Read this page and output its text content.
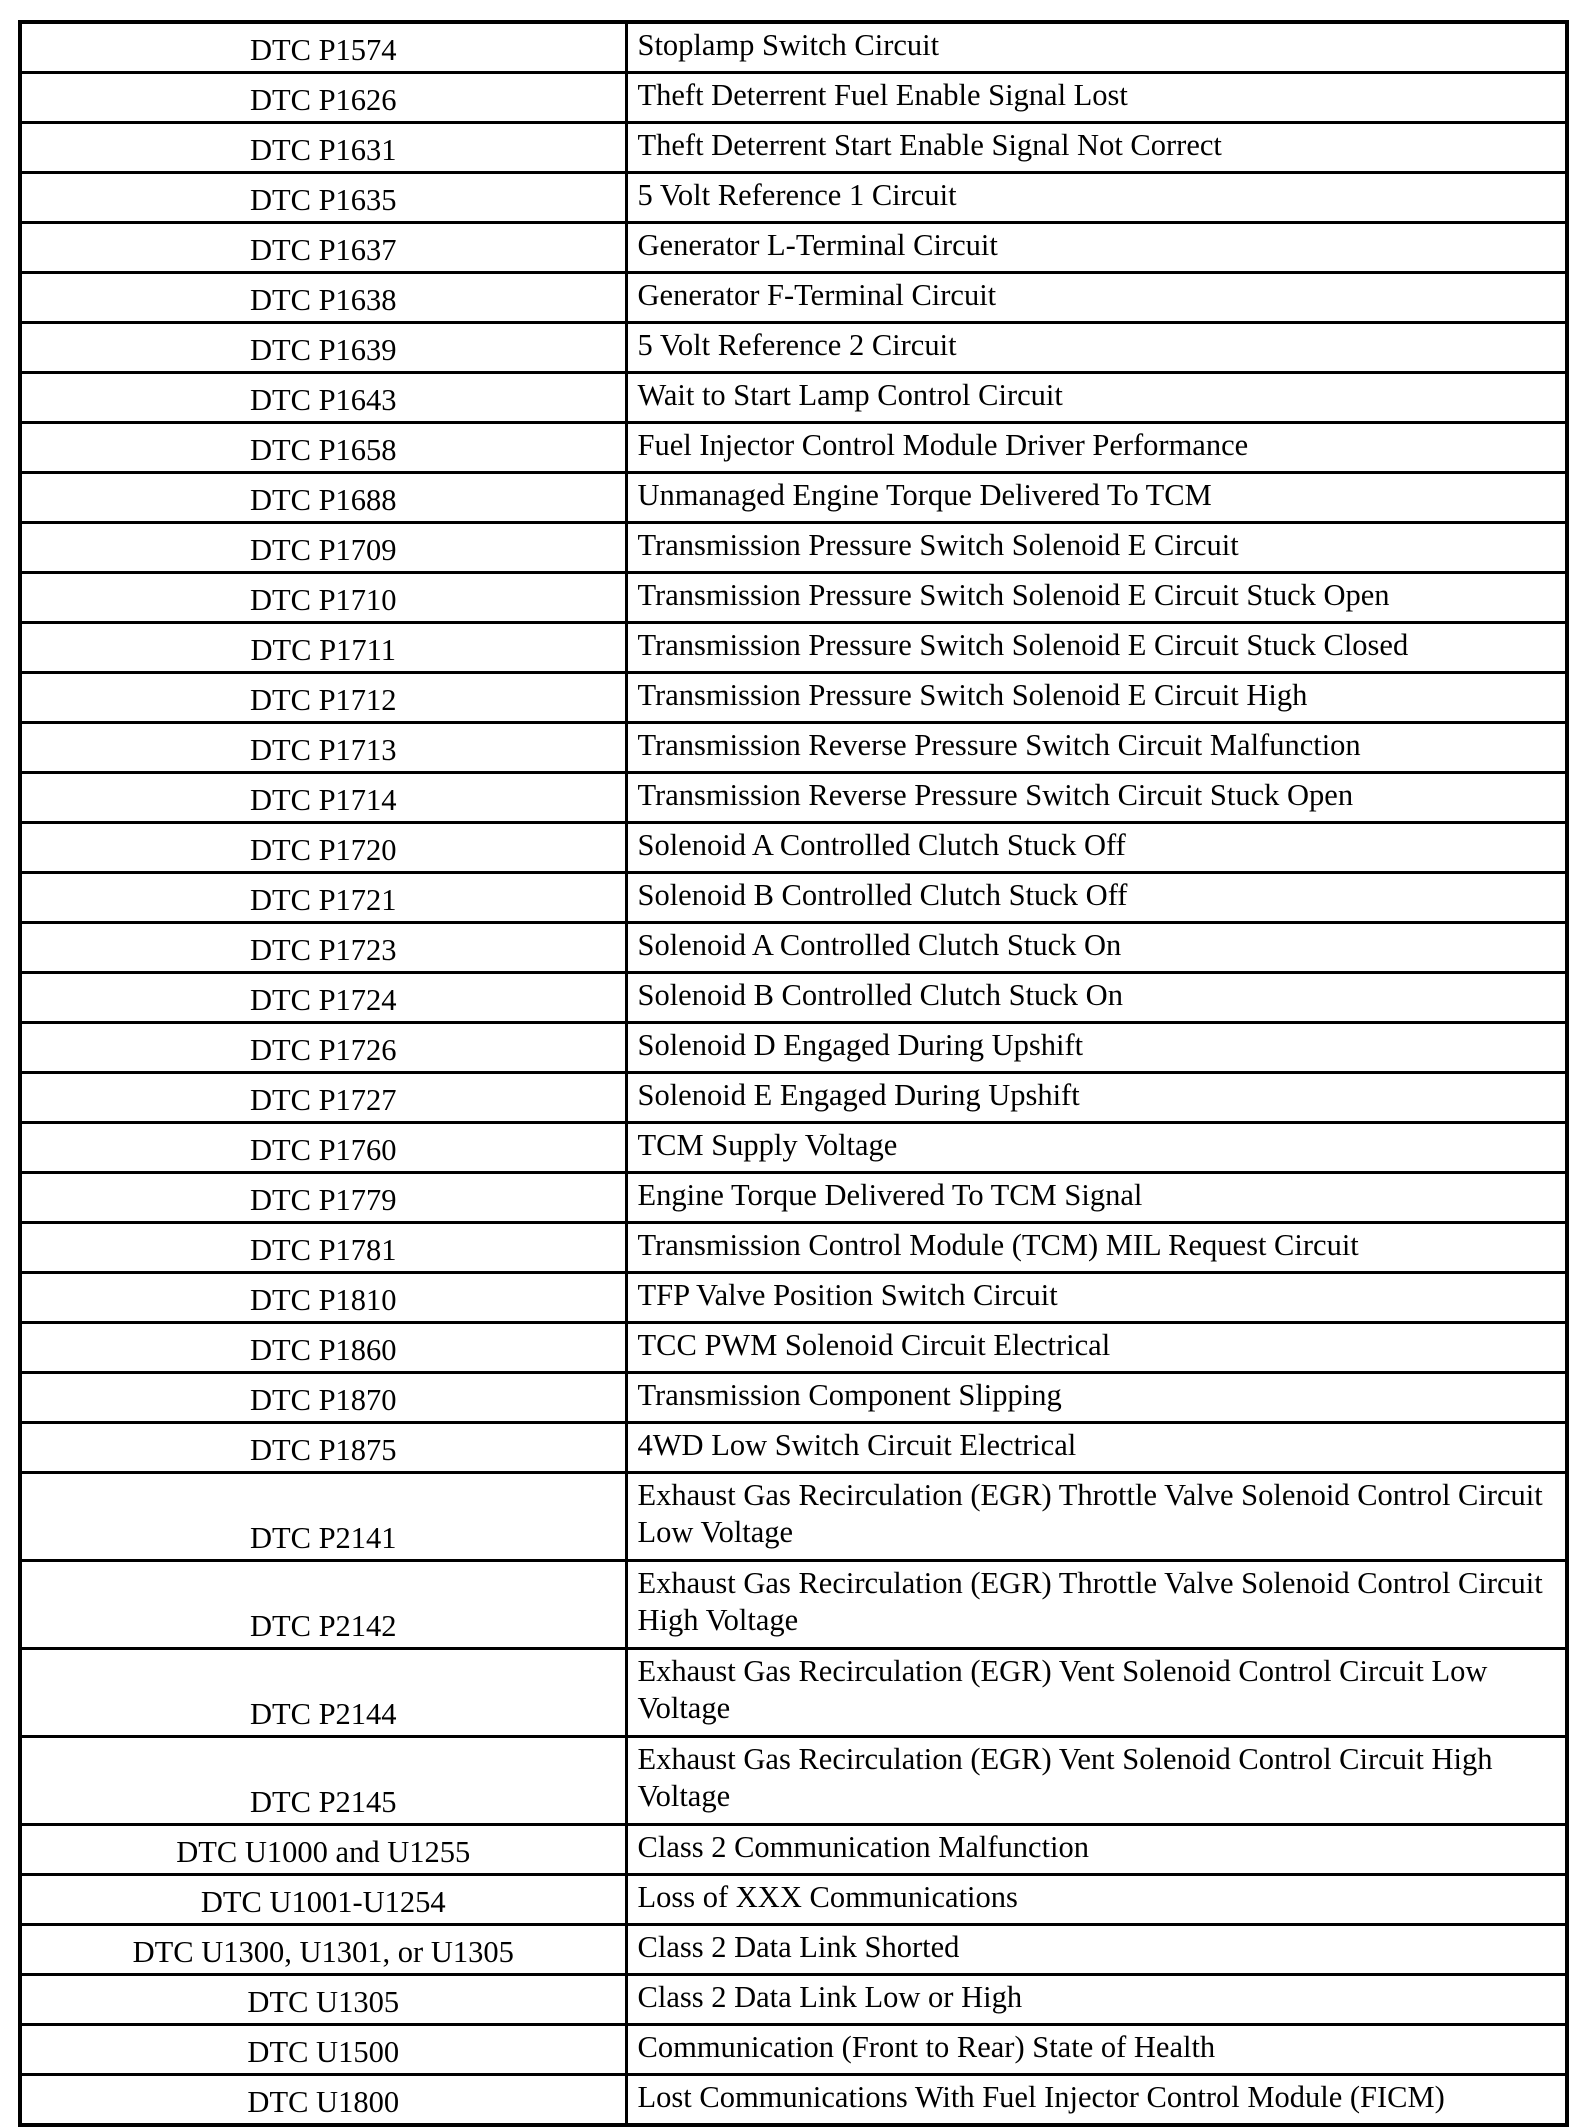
DTC P1574	Stoplamp Switch Circuit
DTC P1626	Theft Deterrent Fuel Enable Signal Lost
DTC P1631	Theft Deterrent Start Enable Signal Not Correct
DTC P1635	5 Volt Reference 1 Circuit
DTC P1637	Generator L-Terminal Circuit
DTC P1638	Generator F-Terminal Circuit
DTC P1639	5 Volt Reference 2 Circuit
DTC P1643	Wait to Start Lamp Control Circuit
DTC P1658	Fuel Injector Control Module Driver Performance
DTC P1688	Unmanaged Engine Torque Delivered To TCM
DTC P1709	Transmission Pressure Switch Solenoid E Circuit
DTC P1710	Transmission Pressure Switch Solenoid E Circuit Stuck Open
DTC P1711	Transmission Pressure Switch Solenoid E Circuit Stuck Closed
DTC P1712	Transmission Pressure Switch Solenoid E Circuit High
DTC P1713	Transmission Reverse Pressure Switch Circuit Malfunction
DTC P1714	Transmission Reverse Pressure Switch Circuit Stuck Open
DTC P1720	Solenoid A Controlled Clutch Stuck Off
DTC P1721	Solenoid B Controlled Clutch Stuck Off
DTC P1723	Solenoid A Controlled Clutch Stuck On
DTC P1724	Solenoid B Controlled Clutch Stuck On
DTC P1726	Solenoid D Engaged During Upshift
DTC P1727	Solenoid E Engaged During Upshift
DTC P1760	TCM Supply Voltage
DTC P1779	Engine Torque Delivered To TCM Signal
DTC P1781	Transmission Control Module (TCM) MIL Request Circuit
DTC P1810	TFP Valve Position Switch Circuit
DTC P1860	TCC PWM Solenoid Circuit Electrical
DTC P1870	Transmission Component Slipping
DTC P1875	4WD Low Switch Circuit Electrical
DTC P2141	Exhaust Gas Recirculation (EGR) Throttle Valve Solenoid Control Circuit Low Voltage
DTC P2142	Exhaust Gas Recirculation (EGR) Throttle Valve Solenoid Control Circuit High Voltage
DTC P2144	Exhaust Gas Recirculation (EGR) Vent Solenoid Control Circuit Low Voltage
DTC P2145	Exhaust Gas Recirculation (EGR) Vent Solenoid Control Circuit High Voltage
DTC U1000 and U1255	Class 2 Communication Malfunction
DTC U1001-U1254	Loss of XXX Communications
DTC U1300, U1301, or U1305	Class 2 Data Link Shorted
DTC U1305	Class 2 Data Link Low or High
DTC U1500	Communication (Front to Rear) State of Health
DTC U1800	Lost Communications With Fuel Injector Control Module (FICM)
